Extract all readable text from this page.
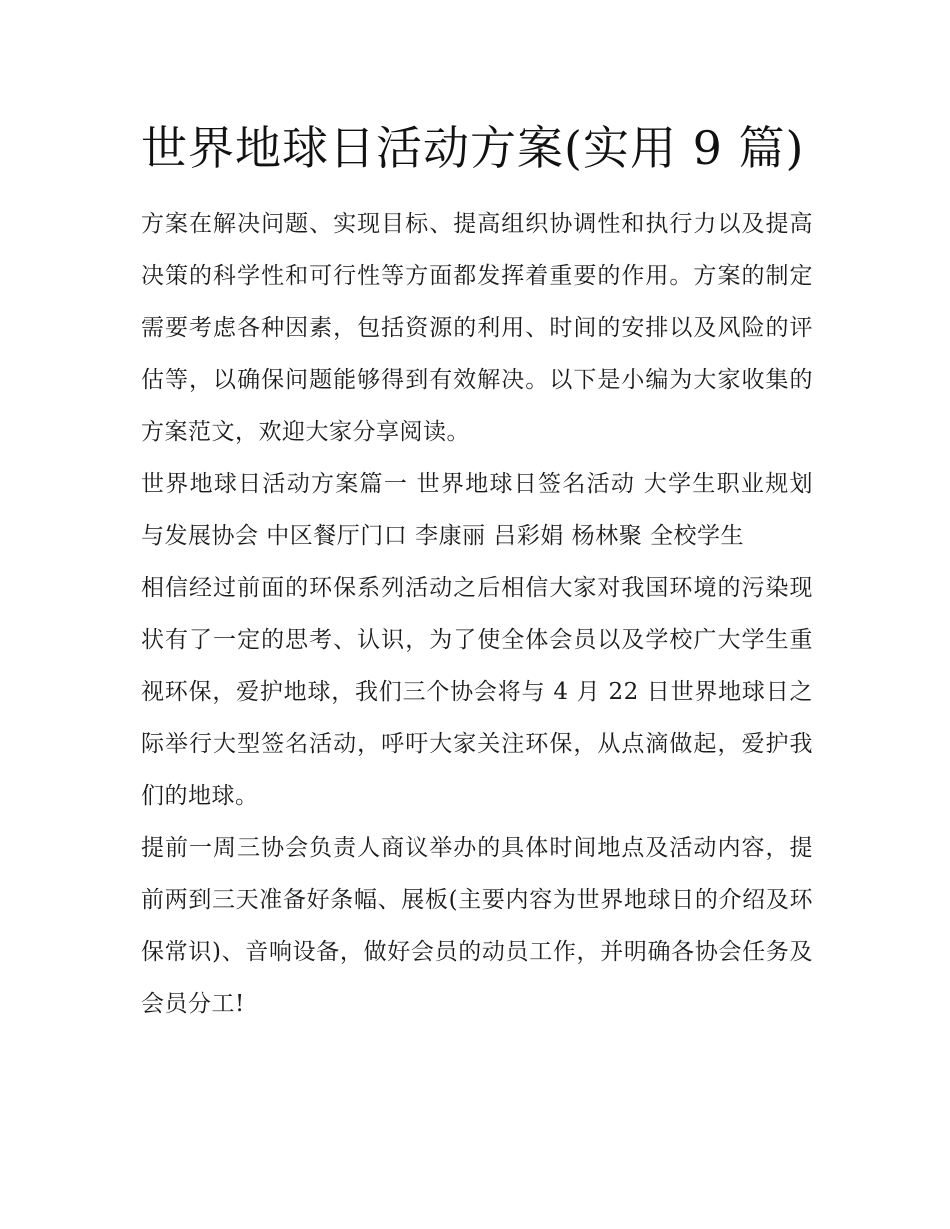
世界地球日活动方案(实用 9 篇)

方案在解决问题、实现目标、提高组织协调性和执行力以及提高决策的科学性和可行性等方面都发挥着重要的作用。方案的制定需要考虑各种因素，包括资源的利用、时间的安排以及风险的评估等，以确保问题能够得到有效解决。以下是小编为大家收集的方案范文，欢迎大家分享阅读。

世界地球日活动方案篇一 世界地球日签名活动 大学生职业规划与发展协会 中区餐厅门口 李康丽 吕彩娟 杨林聚 全校学生

相信经过前面的环保系列活动之后相信大家对我国环境的污染现状有了一定的思考、认识，为了使全体会员以及学校广大学生重视环保，爱护地球，我们三个协会将与 4 月 22 日世界地球日之际举行大型签名活动，呼吁大家关注环保，从点滴做起，爱护我们的地球。

提前一周三协会负责人商议举办的具体时间地点及活动内容，提前两到三天准备好条幅、展板(主要内容为世界地球日的介绍及环保常识)、音响设备，做好会员的动员工作，并明确各协会任务及会员分工!
